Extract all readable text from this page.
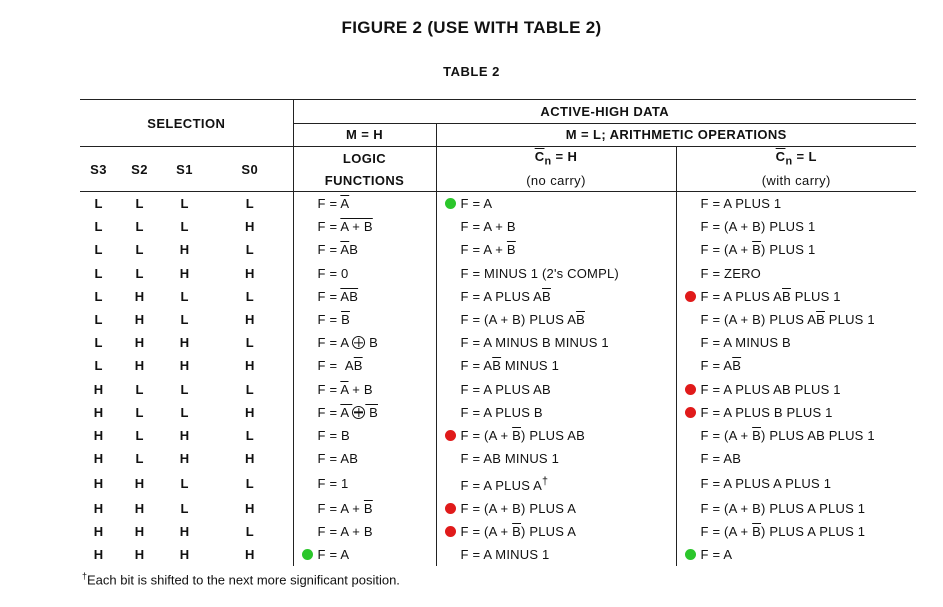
FIGURE 2 (USE WITH TABLE 2)
TABLE 2
SELECTION				ACTIVE-HIGH DATA		
				M = H	M = L; ARITHMETIC OPERATIONS	
S3	S2	S1	S0	LOGIC	$\overline{C}_n = H$	$\overline{C}_n = L$
				FUNCTIONS	(no carry)	(with carry)
L	L	L	L	$F = \overline{A}$	F = A	F = A PLUS 1
L	L	L	H	F = A + B	F = A + B	F = (A + B) PLUS 1
L	L	H	L	$F = \overline{A}B$	$F = A + \overline{B}$	$F = (A + \overline{B})$ PLUS 1
L	L	H	H	F = 0	F = MINUS 1 (2's COMPL)	F = ZERO
L	H	L	L	$F = \overline{AB}$	F = A PLUS $A\overline{B}$	F = A PLUS $A\overline{B}$ PLUS 1
L	H	L	H	$F = \overline{B}$	F = (A + B) PLUS $A\overline{B}$	F = (A + B) PLUS $A\overline{B}$ PLUS 1
L	H	H	L	F = A  B	F = A MINUS B MINUS 1	F = A MINUS B
L	H	H	H	$F = A\overline{B}$	$F = A\overline{B}$ MINUS 1	$F = A\overline{B}$
H	L	L	L	$F = \overline{A} + B$	F = A PLUS AB	F = A PLUS AB PLUS 1
H	L	L	H	F = A  B	F = A PLUS B	F = A PLUS B PLUS 1
H	L	H	L	F = B	$F = (A + \overline{B})$ PLUS AB	$F = (A + \overline{B})$ PLUS AB PLUS 1
H	L	H	H	F = AB	F = AB MINUS 1	F = AB
H	H	L	L	F = 1	F = A PLUS A†	F = A PLUS A PLUS 1
H	H	L	H	$F = A + \overline{B}$	F = (A + B) PLUS A	F = (A + B) PLUS A PLUS 1
H	H	H	L	F = A + B	$F = (A + \overline{B})$ PLUS A	$F = (A + \overline{B})$ PLUS A PLUS 1
H	H	H	H	F = A	F = A MINUS 1	F = A
†Each bit is shifted to the next more significant position.
